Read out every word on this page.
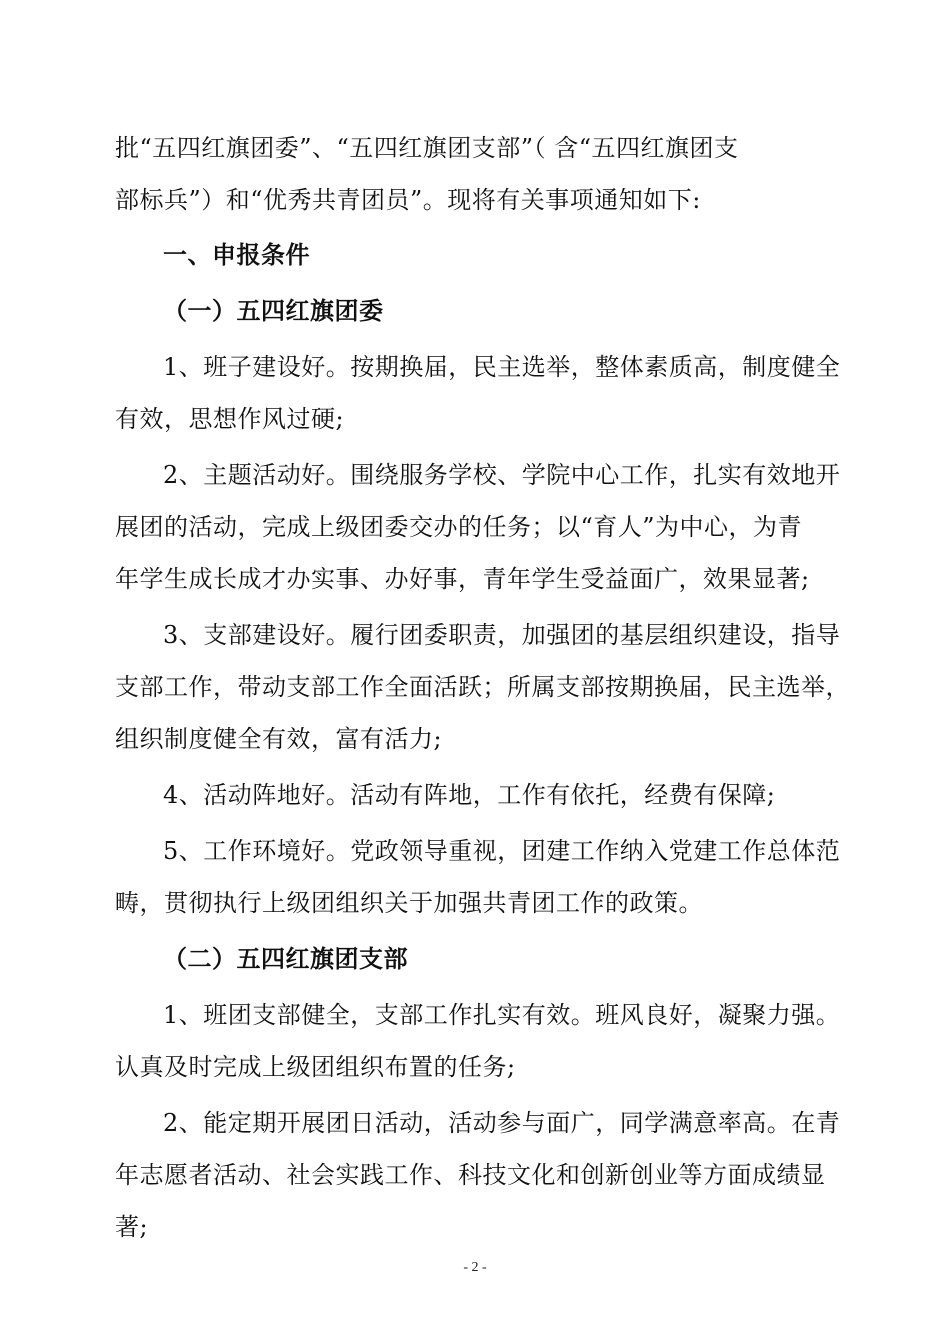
批“五四红旗团委”、“五四红旗团支部”（ 含“五四红旗团支
部标兵”）和“优秀共青团员”。现将有关事项通知如下:
一、申报条件
（一）五四红旗团委
1、班子建设好。按期换届，民主选举，整体素质高，制度健全
有效，思想作风过硬;
2、主题活动好。围绕服务学校、学院中心工作，扎实有效地开
展团的活动，完成上级团委交办的任务；以“育人”为中心，为青
年学生成长成才办实事、办好事，青年学生受益面广，效果显著;
3、支部建设好。履行团委职责，加强团的基层组织建设，指导
支部工作，带动支部工作全面活跃；所属支部按期换届，民主选举，
组织制度健全有效，富有活力;
4、活动阵地好。活动有阵地，工作有依托，经费有保障;
5、工作环境好。党政领导重视，团建工作纳入党建工作总体范
畴，贯彻执行上级团组织关于加强共青团工作的政策。
（二）五四红旗团支部
1、班团支部健全，支部工作扎实有效。班风良好，凝聚力强。
认真及时完成上级团组织布置的任务;
2、能定期开展团日活动，活动参与面广，同学满意率高。在青
年志愿者活动、社会实践工作、科技文化和创新创业等方面成绩显
著;
- 2 -
